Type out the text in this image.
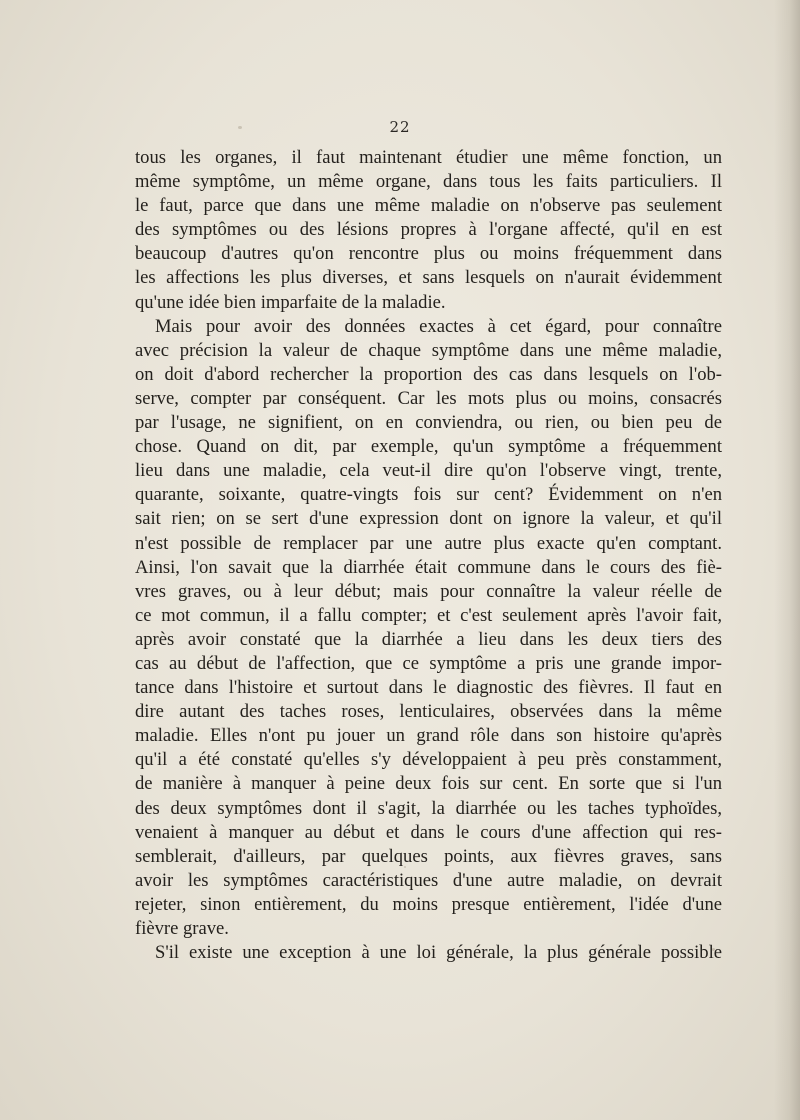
22
tous les organes, il faut maintenant étudier une même fonction, un
même symptôme, un même organe, dans tous les faits particuliers. Il
le faut, parce que dans une même maladie on n'observe pas seulement
des symptômes ou des lésions propres à l'organe affecté, qu'il en est
beaucoup d'autres qu'on rencontre plus ou moins fréquemment dans
les affections les plus diverses, et sans lesquels on n'aurait évidemment
qu'une idée bien imparfaite de la maladie.
Mais pour avoir des données exactes à cet égard, pour connaître
avec précision la valeur de chaque symptôme dans une même maladie,
on doit d'abord rechercher la proportion des cas dans lesquels on l'ob-
serve, compter par conséquent. Car les mots plus ou moins, consacrés
par l'usage, ne signifient, on en conviendra, ou rien, ou bien peu de
chose. Quand on dit, par exemple, qu'un symptôme a fréquemment
lieu dans une maladie, cela veut-il dire qu'on l'observe vingt, trente,
quarante, soixante, quatre-vingts fois sur cent? Évidemment on n'en
sait rien; on se sert d'une expression dont on ignore la valeur, et qu'il
n'est possible de remplacer par une autre plus exacte qu'en comptant.
Ainsi, l'on savait que la diarrhée était commune dans le cours des fiè-
vres graves, ou à leur début; mais pour connaître la valeur réelle de
ce mot commun, il a fallu compter; et c'est seulement après l'avoir fait,
après avoir constaté que la diarrhée a lieu dans les deux tiers des
cas au début de l'affection, que ce symptôme a pris une grande impor-
tance dans l'histoire et surtout dans le diagnostic des fièvres. Il faut en
dire autant des taches roses, lenticulaires, observées dans la même
maladie. Elles n'ont pu jouer un grand rôle dans son histoire qu'après
qu'il a été constaté qu'elles s'y développaient à peu près constamment,
de manière à manquer à peine deux fois sur cent. En sorte que si l'un
des deux symptômes dont il s'agit, la diarrhée ou les taches typhoïdes,
venaient à manquer au début et dans le cours d'une affection qui res-
semblerait, d'ailleurs, par quelques points, aux fièvres graves, sans
avoir les symptômes caractéristiques d'une autre maladie, on devrait
rejeter, sinon entièrement, du moins presque entièrement, l'idée d'une
fièvre grave.
S'il existe une exception à une loi générale, la plus générale possible
